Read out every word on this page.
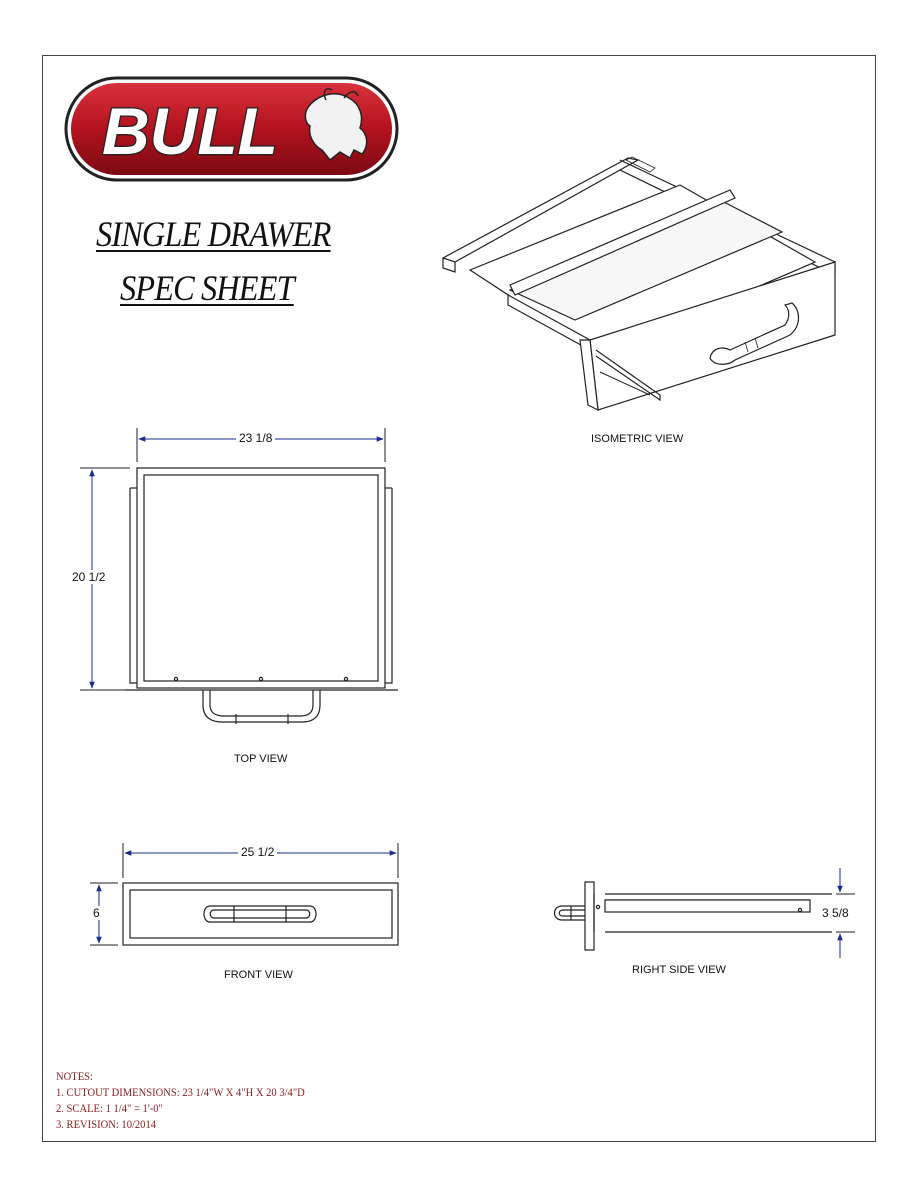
BULL
SINGLE DRAWER
SPEC SHEET
23 1/8
20 1/2
25 1/2
6	3 5/8
ISOMETRIC VIEW
TOP VIEW
FRONT VIEW	RIGHT SIDE VIEW
NOTES:
1. CUTOUT DIMENSIONS: 23 1/4"W X 4"H X 20 3/4"D
2. SCALE: 1 1/4" = 1'-0"
3. REVISION: 10/2014
